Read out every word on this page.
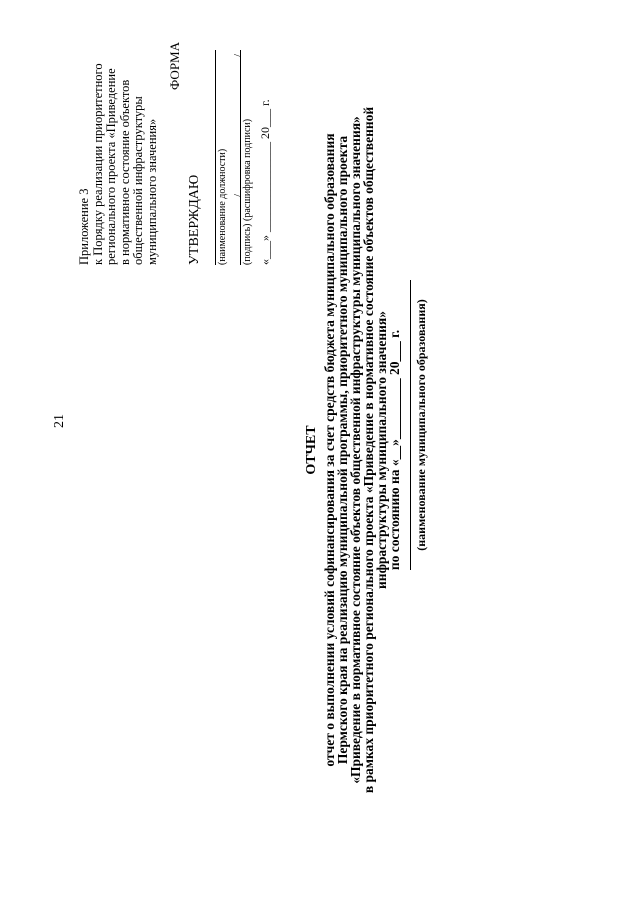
21
Приложение 3 к Порядку реализации приоритетного регионального проекта «Приведение в нормативное состояние объектов общественной инфраструктуры муниципального значения»
ФОРМА
УТВЕРЖДАЮ (наименование должности) /
/
(подпись) (расшифровка подписи) «___» _______________ 20___ г.
ОТЧЕТ отчет о выполнении условий софинансирования за счет средств бюджета муниципального образования
Пермского края на реализацию муниципальной программы, приоритетного муниципального проекта
«Приведение в нормативное состояние объектов общественной инфраструктуры муниципального значения»
в рамках приоритетного регионального проекта «Приведение в нормативное состояние объектов общественной
инфраструктуры муниципального значения»
по состоянию на «__»_________ 20___ г. (наименование муниципального образования)
